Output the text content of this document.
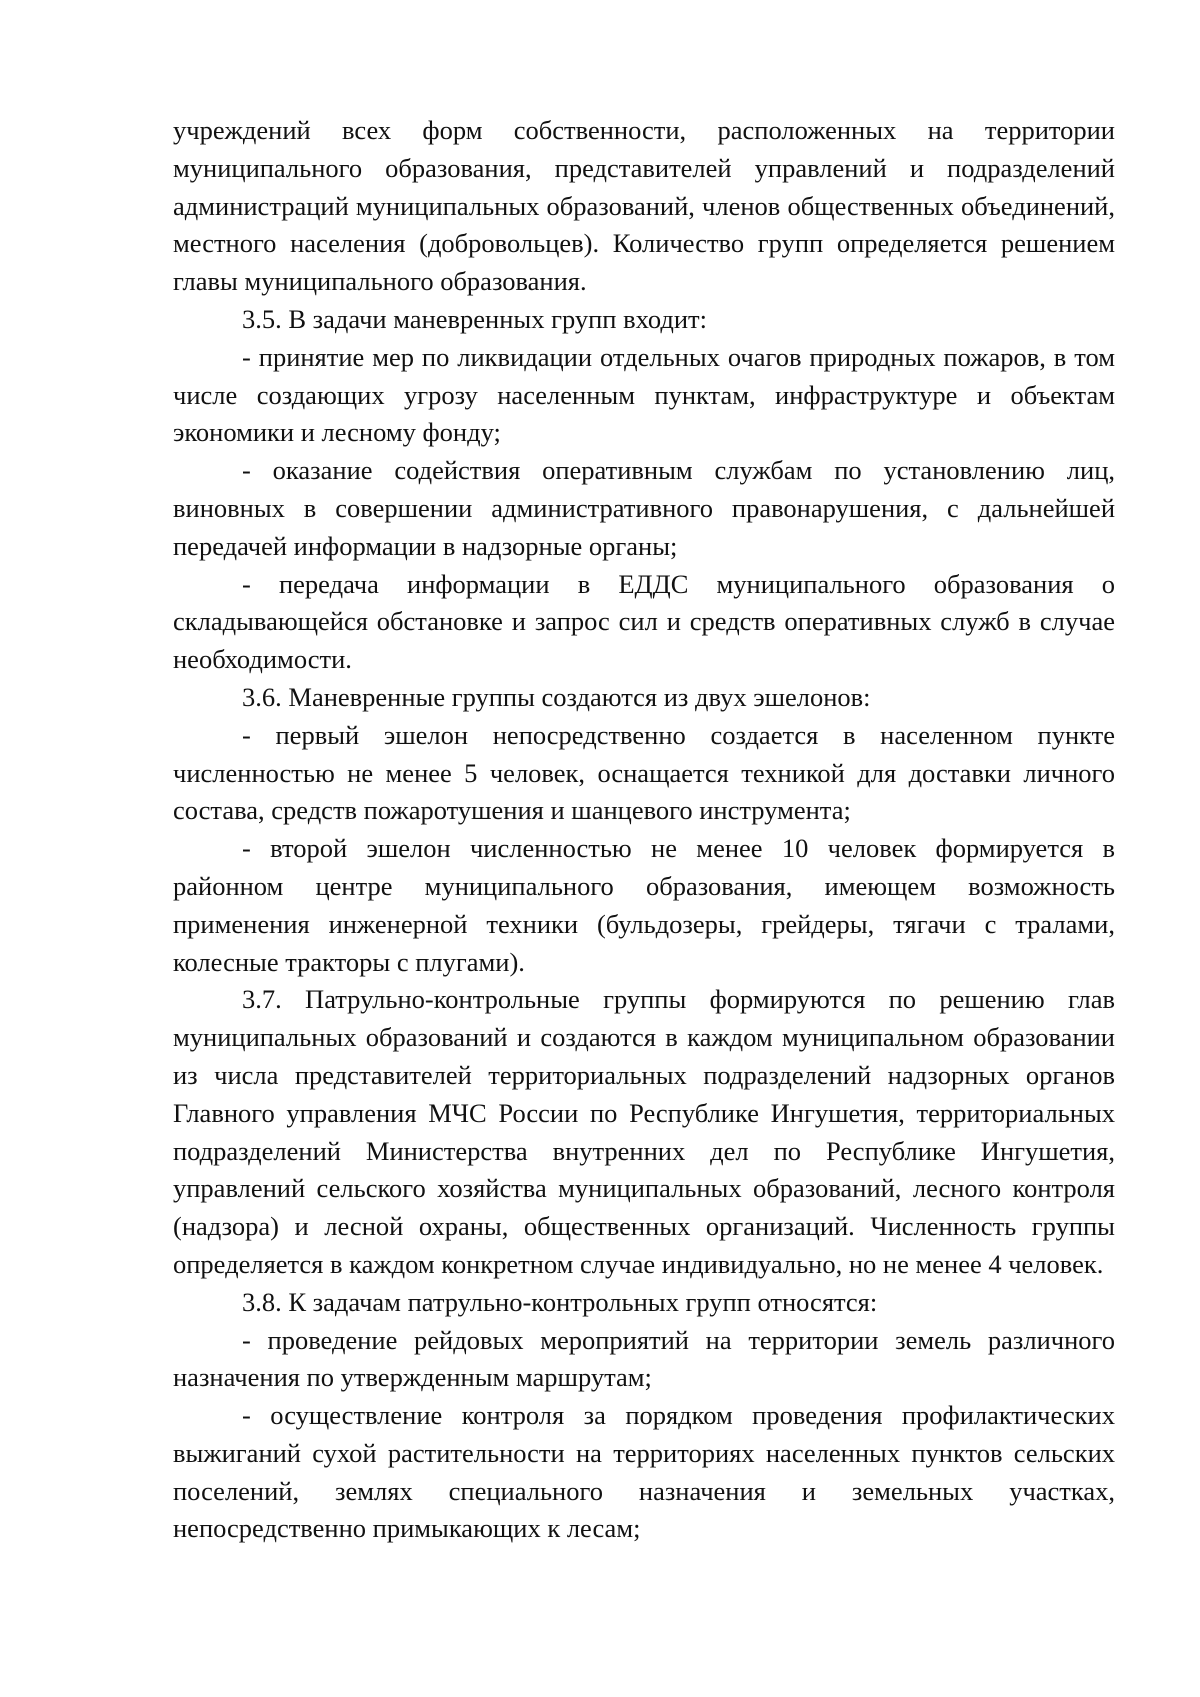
учреждений всех форм собственности, расположенных на территории муниципального образования, представителей управлений и подразделений администраций муниципальных образований, членов общественных объединений, местного населения (добровольцев). Количество групп определяется решением главы муниципального образования.

3.5. В задачи маневренных групп входит:

- принятие мер по ликвидации отдельных очагов природных пожаров, в том числе создающих угрозу населенным пунктам, инфраструктуре и объектам экономики и лесному фонду;

- оказание содействия оперативным службам по установлению лиц, виновных в совершении административного правонарушения, с дальнейшей передачей информации в надзорные органы;

- передача информации в ЕДДС муниципального образования о складывающейся обстановке и запрос сил и средств оперативных служб в случае необходимости.

3.6. Маневренные группы создаются из двух эшелонов:

- первый эшелон непосредственно создается в населенном пункте численностью не менее 5 человек, оснащается техникой для доставки личного состава, средств пожаротушения и шанцевого инструмента;

- второй эшелон численностью не менее 10 человек формируется в районном центре муниципального образования, имеющем возможность применения инженерной техники (бульдозеры, грейдеры, тягачи с тралами, колесные тракторы с плугами).

3.7. Патрульно-контрольные группы формируются по решению глав муниципальных образований и создаются в каждом муниципальном образовании из числа представителей территориальных подразделений надзорных органов Главного управления МЧС России по Республике Ингушетия, территориальных подразделений Министерства внутренних дел по Республике Ингушетия, управлений сельского хозяйства муниципальных образований, лесного контроля (надзора) и лесной охраны, общественных организаций. Численность группы определяется в каждом конкретном случае индивидуально, но не менее 4 человек.

3.8. К задачам патрульно-контрольных групп относятся:

- проведение рейдовых мероприятий на территории земель различного назначения по утвержденным маршрутам;

- осуществление контроля за порядком проведения профилактических выжиганий сухой растительности на территориях населенных пунктов сельских поселений, землях специального назначения и земельных участках, непосредственно примыкающих к лесам;
